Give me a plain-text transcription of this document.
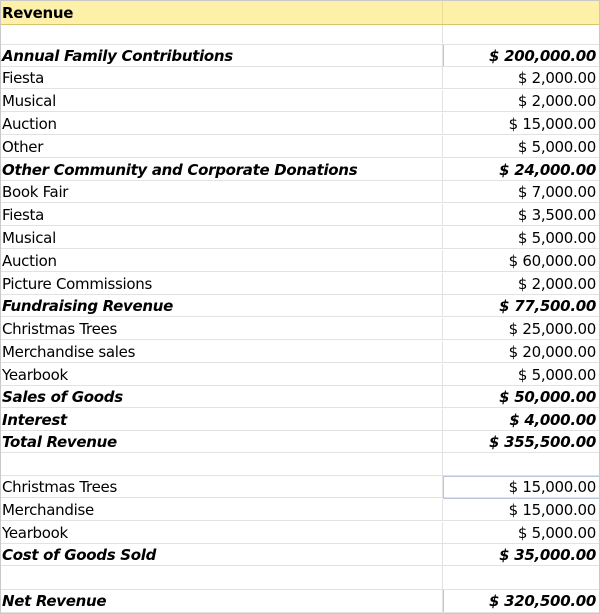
Revenue
Annual Family Contributions	$ 200,000.00
Fiesta	$ 2,000.00
Musical	$ 2,000.00
Auction	$ 15,000.00
Other	$ 5,000.00
Other Community and Corporate Donations	$ 24,000.00
Book Fair	$ 7,000.00
Fiesta	$ 3,500.00
Musical	$ 5,000.00
Auction	$ 60,000.00
Picture Commissions	$ 2,000.00
Fundraising Revenue	$ 77,500.00
Christmas Trees	$ 25,000.00
Merchandise sales	$ 20,000.00
Yearbook	$ 5,000.00
Sales of Goods	$ 50,000.00
Interest	$ 4,000.00
Total Revenue	$ 355,500.00
Christmas Trees	$ 15,000.00
Merchandise	$ 15,000.00
Yearbook	$ 5,000.00
Cost of Goods Sold	$ 35,000.00
Net Revenue	$ 320,500.00
